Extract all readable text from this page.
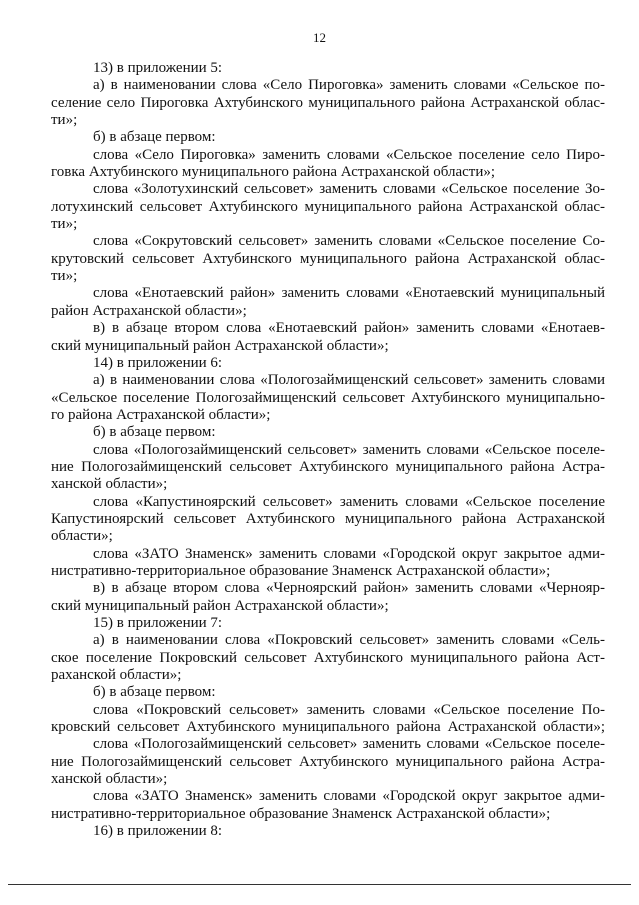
12
13) в приложении 5:
а) в наименовании слова «Село Пироговка» заменить словами «Сельское по-
селение село Пироговка Ахтубинского муниципального района Астраханской облас-
ти»;
б) в абзаце первом:
слова «Село Пироговка» заменить словами «Сельское поселение село Пиро-
говка Ахтубинского муниципального района Астраханской области»;
слова «Золотухинский сельсовет» заменить словами «Сельское поселение Зо-
лотухинский сельсовет Ахтубинского муниципального района Астраханской облас-
ти»;
слова «Сокрутовский сельсовет» заменить словами «Сельское поселение Со-
крутовский сельсовет Ахтубинского муниципального района Астраханской облас-
ти»;
слова «Енотаевский район» заменить словами «Енотаевский муниципальный
район Астраханской области»;
в) в абзаце втором слова «Енотаевский район» заменить словами «Енотаев-
ский муниципальный район Астраханской области»;
14) в приложении 6:
а) в наименовании слова «Пологозаймищенский сельсовет» заменить словами
«Сельское поселение Пологозаймищенский сельсовет Ахтубинского муниципально-
го района Астраханской области»;
б) в абзаце первом:
слова «Пологозаймищенский сельсовет» заменить словами «Сельское поселе-
ние Пологозаймищенский сельсовет Ахтубинского муниципального района Астра-
ханской области»;
слова «Капустиноярский сельсовет» заменить словами «Сельское поселение
Капустиноярский сельсовет Ахтубинского муниципального района Астраханской
области»;
слова «ЗАТО Знаменск» заменить словами «Городской округ закрытое адми-
нистративно-территориальное образование Знаменск Астраханской области»;
в) в абзаце втором слова «Черноярский район» заменить словами «Чернояр-
ский муниципальный район Астраханской области»;
15) в приложении 7:
а) в наименовании слова «Покровский сельсовет» заменить словами «Сель-
ское поселение Покровский сельсовет Ахтубинского муниципального района Аст-
раханской области»;
б) в абзаце первом:
слова «Покровский сельсовет» заменить словами «Сельское поселение По-
кровский сельсовет Ахтубинского муниципального района Астраханской области»;
слова «Пологозаймищенский сельсовет» заменить словами «Сельское поселе-
ние Пологозаймищенский сельсовет Ахтубинского муниципального района Астра-
ханской области»;
слова «ЗАТО Знаменск» заменить словами «Городской округ закрытое адми-
нистративно-территориальное образование Знаменск Астраханской области»;
16) в приложении 8:
